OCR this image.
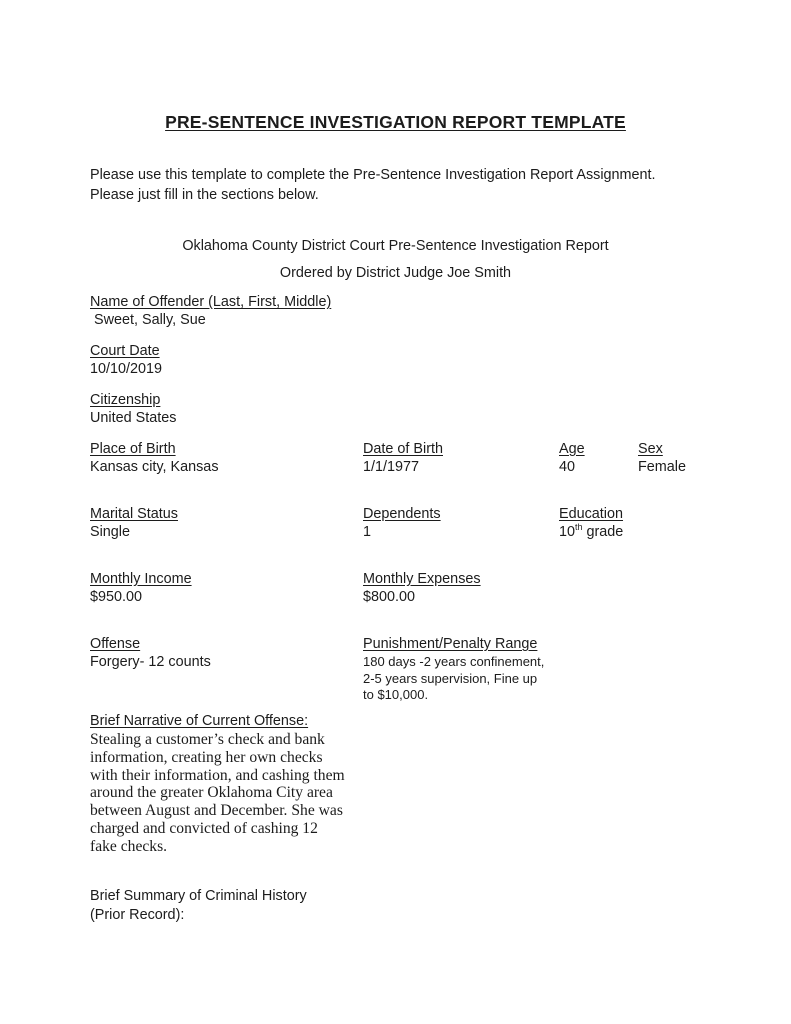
PRE-SENTENCE INVESTIGATION REPORT TEMPLATE
Please use this template to complete the Pre-Sentence Investigation Report Assignment.
Please just fill in the sections below.
Oklahoma County District Court Pre-Sentence Investigation Report
Ordered by District Judge Joe Smith
Name of Offender (Last, First, Middle)
Sweet, Sally, Sue
Court Date
10/10/2019
Citizenship
United States
Place of Birth
Kansas city, Kansas
Date of Birth
1/1/1977
Age
40
Sex
Female
Marital Status
Single
Dependents
1
Education
10th grade
Monthly Income
$950.00
Monthly Expenses
$800.00
Offense
Forgery- 12 counts
Punishment/Penalty Range
180 days -2 years confinement,
2-5 years supervision, Fine up
to $10,000.
Brief Narrative of Current Offense:
Stealing a customer’s check and bank
information, creating her own checks
with their information, and cashing them
around the greater Oklahoma City area
between August and December. She was
charged and convicted of cashing 12
fake checks.
Brief Summary of Criminal History
(Prior Record):
